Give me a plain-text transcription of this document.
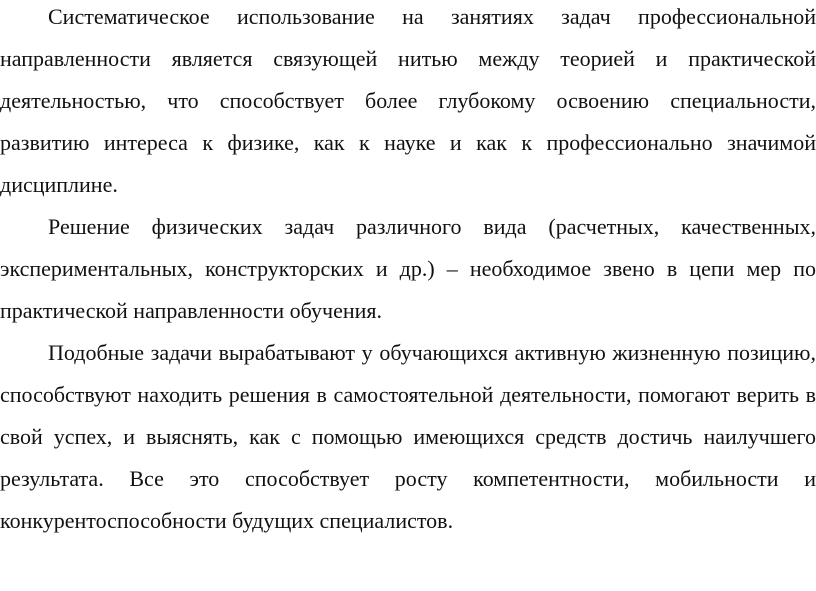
Систематическое использование на занятиях задач профессиональной направленности является связующей нитью между теорией и практической деятельностью, что способствует более глубокому освоению специальности, развитию интереса к физике, как к науке и как к профессионально значимой дисциплине.

Решение физических задач различного вида (расчетных, качественных, экспериментальных, конструкторских и др.) – необходимое звено в цепи мер по практической направленности обучения.

Подобные задачи вырабатывают у обучающихся активную жизненную позицию, способствуют находить решения в самостоятельной деятельности, помогают верить в свой успех, и выяснять, как с помощью имеющихся средств достичь наилучшего результата. Все это способствует росту компетентности, мобильности и конкурентоспособности будущих специалистов.
